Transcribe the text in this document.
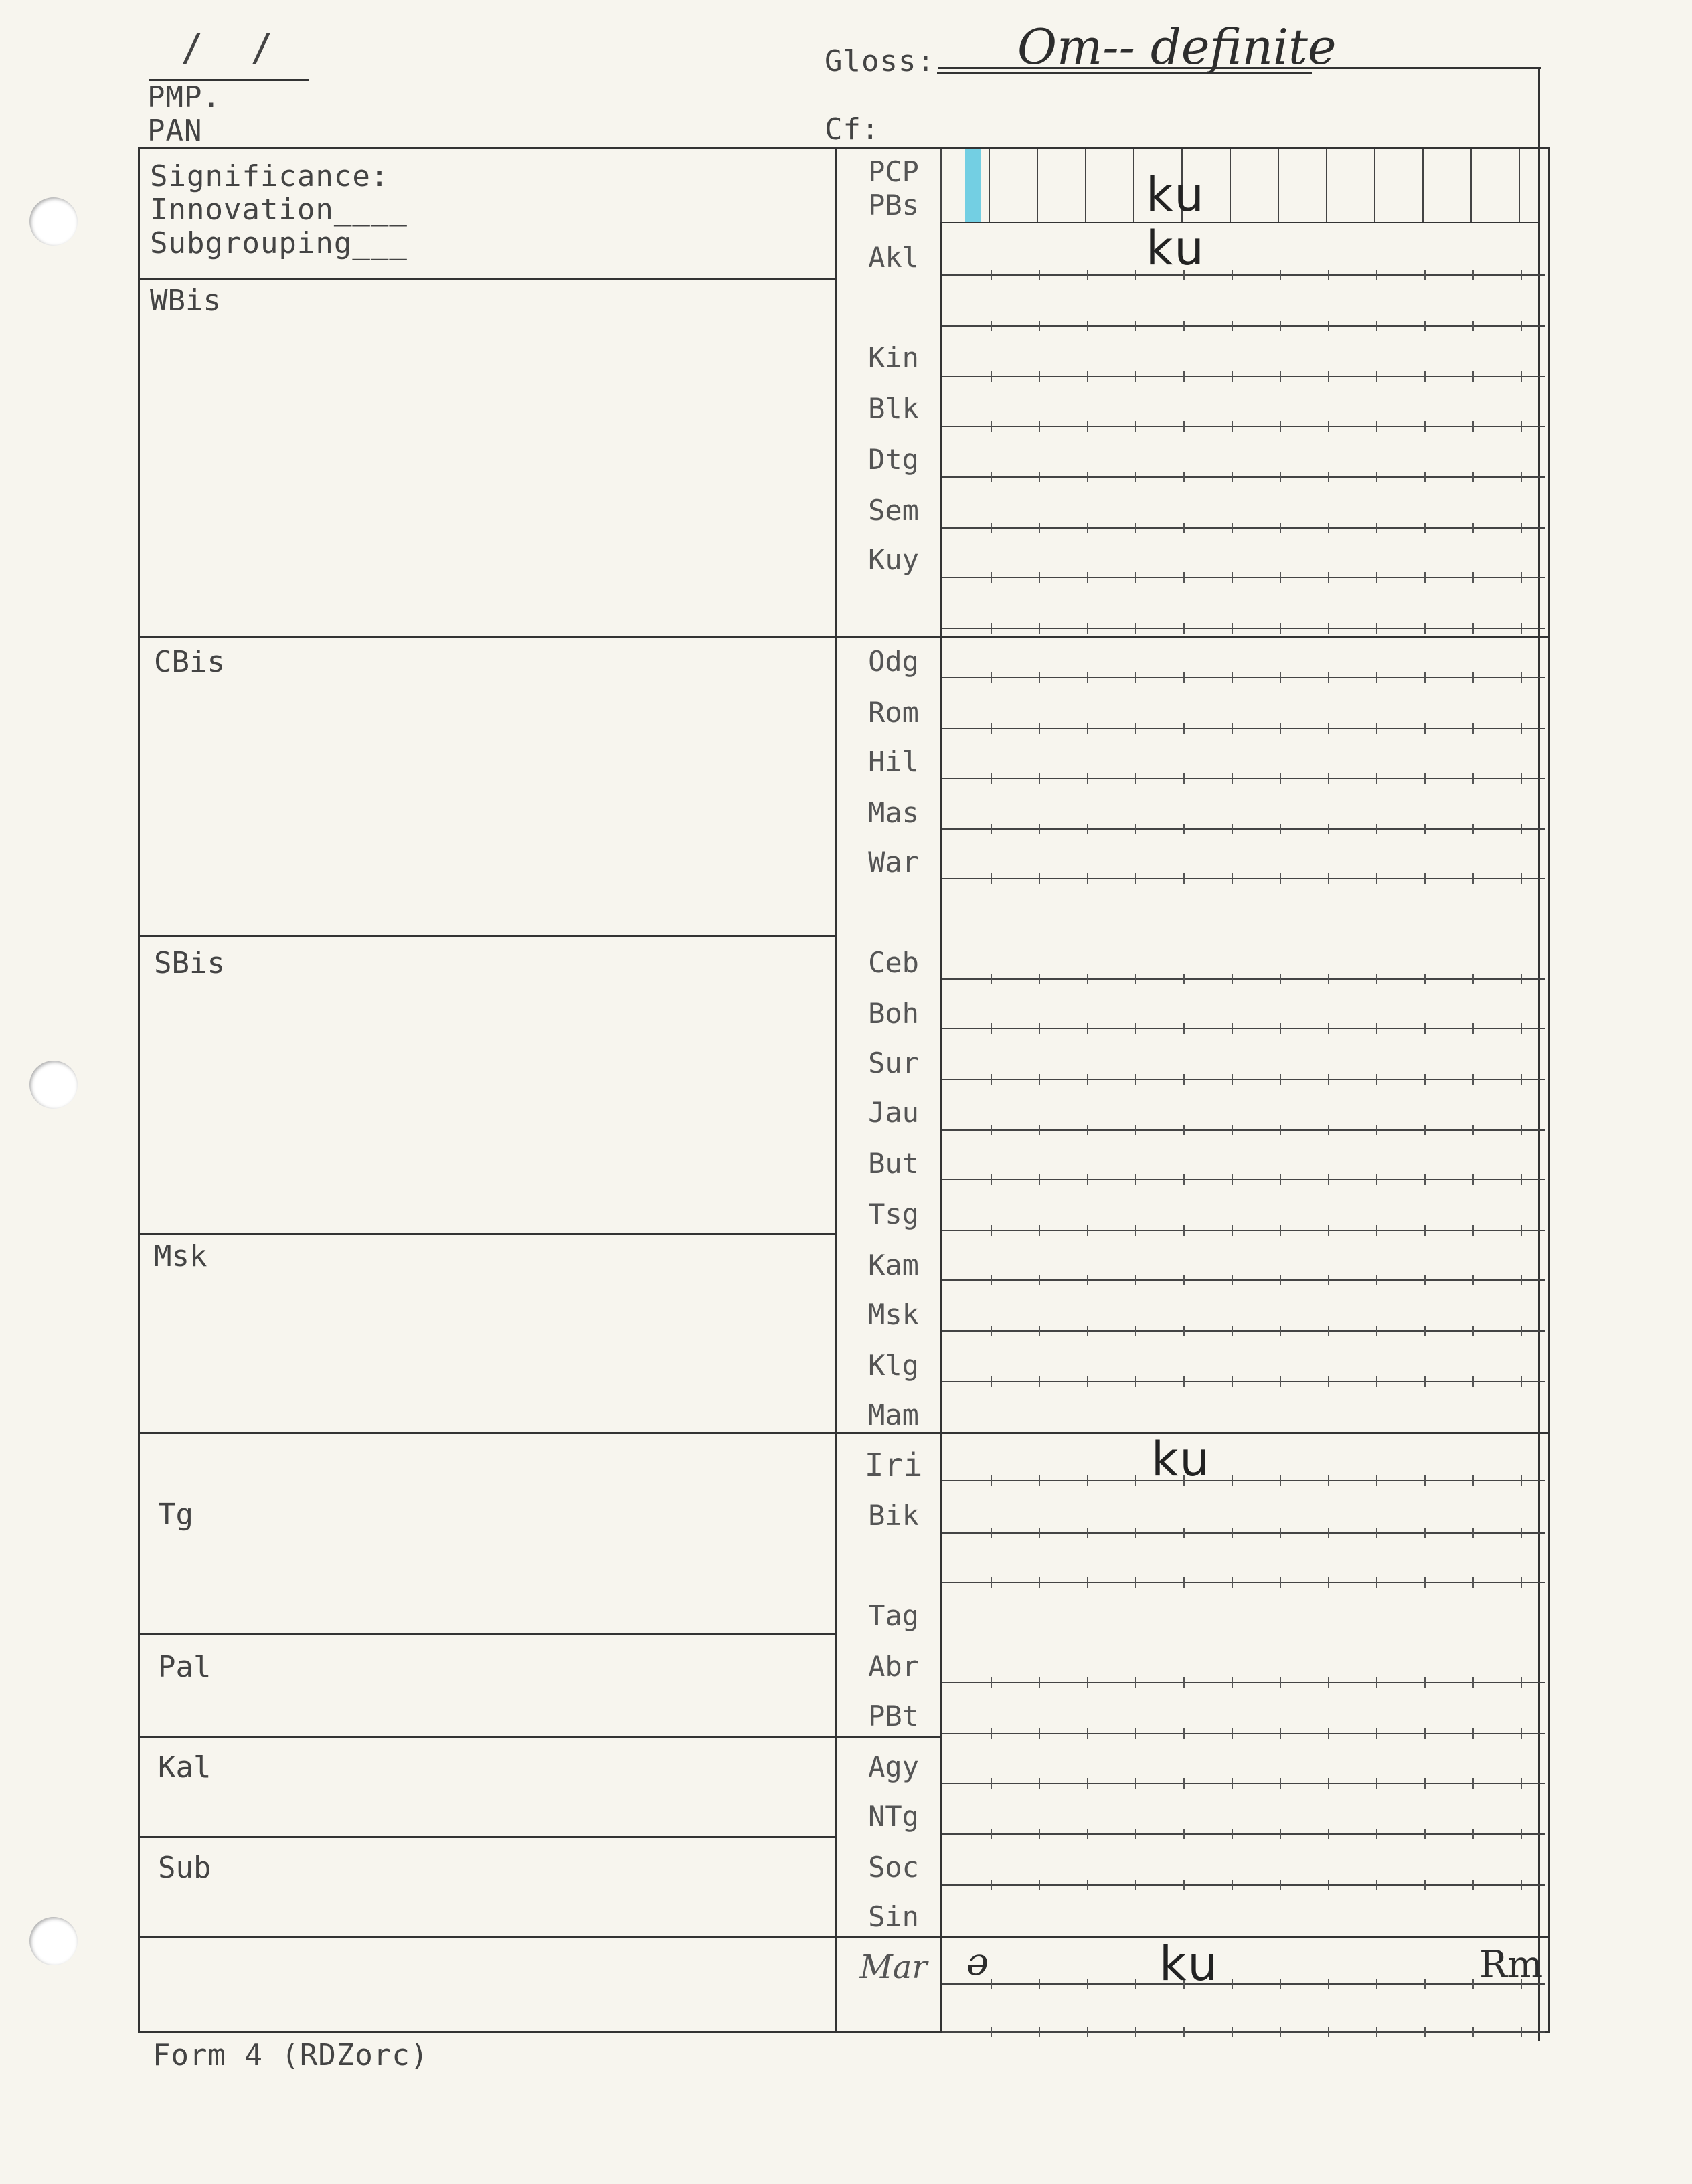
/  /
PMP.
PAN
Gloss: Om-- definite
Cf:
Significance:
Innovation____
Subgrouping___
WBis
CBis
SBis
Msk
Tg
Pal
Kal
Sub
PCP
PBs
Akl
Kin
Blk
Dtg
Sem
Kuy
Odg
Rom
Hil
Mas
War
Ceb
Boh
Sur
Jau
But
Tsg
Kam
Msk
Klg
Mam
Iri
Bik
Tag
Abr
PBt
Agy
NTg
Soc
Sin
Mar
ku
ku
ku
ə	ku	Rm
Form 4 (RDZorc)
